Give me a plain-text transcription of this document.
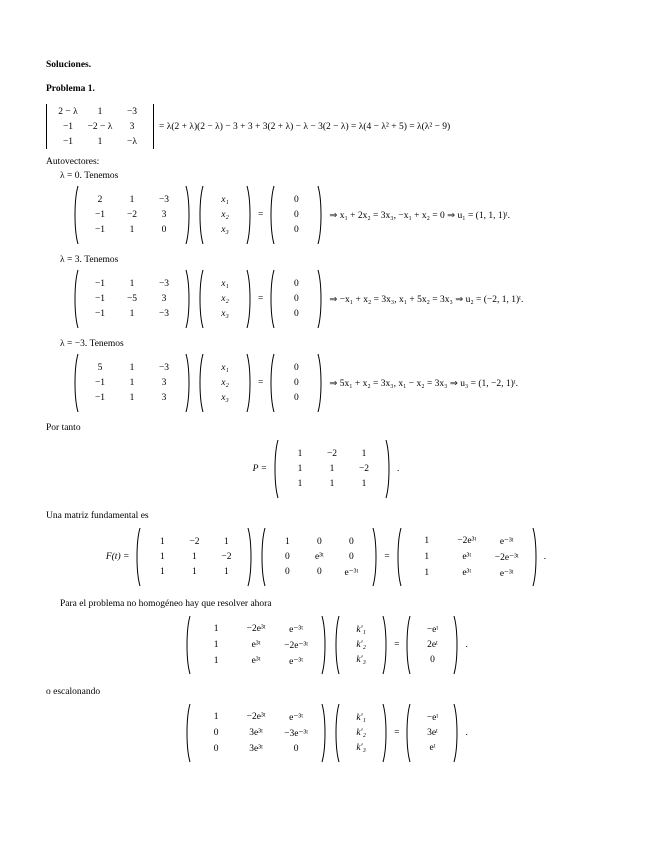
Soluciones.
Problema 1.
2 − λ	1	−3
−1	−2 − λ	3
−1	1	−λ
= λ(2 + λ)(2 − λ) − 3 + 3 + 3(2 + λ) − λ − 3(2 − λ) = λ(4 − λ² + 5) = λ(λ² − 9)
Autovectores:
λ = 0. Tenemos
2	1	−3
−1	−2	3
−1	1	0
x₁
x₂
x₃
=
0
0
0
⇒ x₁ + 2x₂ = 3x₃, −x₁ + x₂ = 0 ⇒ u₁ = (1, 1, 1)ᵗ.
λ = 3. Tenemos
−1	1	−3
−1	−5	3
−1	1	−3
x₁
x₂
x₃
=
0
0
0
⇒ −x₁ + x₂ = 3x₃, x₁ + 5x₂ = 3x₃ ⇒ u₂ = (−2, 1, 1)ᵗ.
λ = −3. Tenemos
5	1	−3
−1	1	3
−1	1	3
x₁
x₂
x₃
=
0
0
0
⇒ 5x₁ + x₂ = 3x₃, x₁ − x₂ = 3x₃ ⇒ u₃ = (1, −2, 1)ᵗ.
Por tanto
P =
1	−2	1
1	1	−2
1	1	1
.
Una matriz fundamental es
F(t) =
1	−2	1
1	1	−2
1	1	1
1	0	0
0	e³ᵗ	0
0	0	e⁻³ᵗ
=
1	−2e³ᵗ	e⁻³ᵗ
1	e³ᵗ	−2e⁻³ᵗ
1	e³ᵗ	e⁻³ᵗ
.
Para el problema no homogéneo hay que resolver ahora
1	−2e³ᵗ	e⁻³ᵗ
1	e³ᵗ	−2e⁻³ᵗ
1	e³ᵗ	e⁻³ᵗ
k′₁
k′₂
k′₃
=
−eᵗ
2eᵗ
0
.
o escalonando
1	−2e³ᵗ	e⁻³ᵗ
0	3e³ᵗ	−3e⁻³ᵗ
0	3e³ᵗ	0
k′₁
k′₂
k′₃
=
−eᵗ
3eᵗ
eᵗ
.
